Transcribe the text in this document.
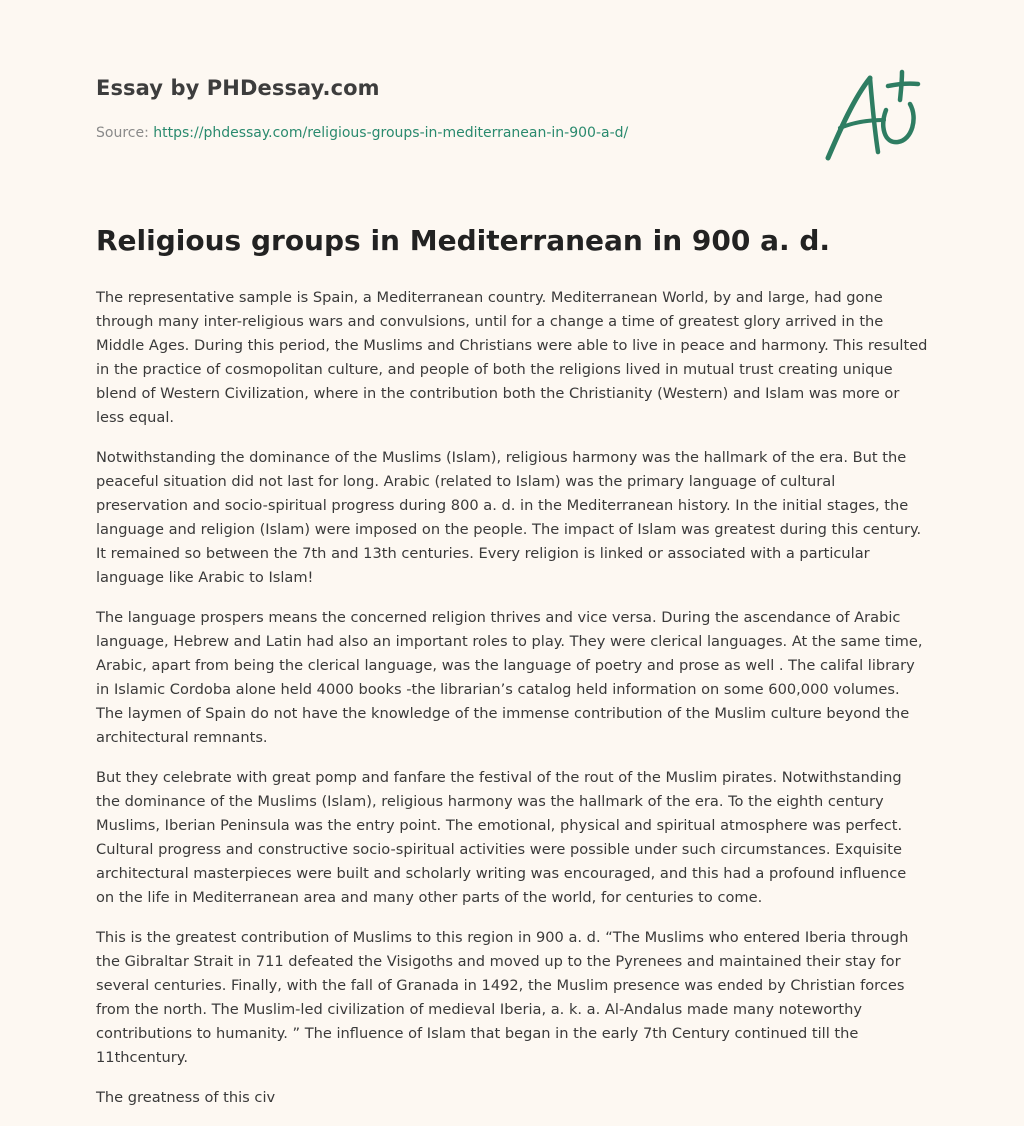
Essay by PHDessay.com
Source: https://phdessay.com/religious-groups-in-mediterranean-in-900-a-d/
Religious groups in Mediterranean in 900 a. d.

The representative sample is Spain, a Mediterranean country. Mediterranean World, by and large, had gone through many inter-religious wars and convulsions, until for a change a time of greatest glory arrived in the Middle Ages. During this period, the Muslims and Christians were able to live in peace and harmony. This resulted in the practice of cosmopolitan culture, and people of both the religions lived in mutual trust creating unique blend of Western Civilization, where in the contribution both the Christianity (Western) and Islam was more or less equal.

Notwithstanding the dominance of the Muslims (Islam), religious harmony was the hallmark of the era. But the peaceful situation did not last for long. Arabic (related to Islam) was the primary language of cultural preservation and socio-spiritual progress during 800 a. d. in the Mediterranean history. In the initial stages, the language and religion (Islam) were imposed on the people. The impact of Islam was greatest during this century. It remained so between the 7th and 13th centuries. Every religion is linked or associated with a particular language like Arabic to Islam!

The language prospers means the concerned religion thrives and vice versa. During the ascendance of Arabic language, Hebrew and Latin had also an important roles to play. They were clerical languages. At the same time, Arabic, apart from being the clerical language, was the language of poetry and prose as well . The califal library in Islamic Cordoba alone held 4000 books -the librarian’s catalog held information on some 600,000 volumes. The laymen of Spain do not have the knowledge of the immense contribution of the Muslim culture beyond the architectural remnants.

But they celebrate with great pomp and fanfare the festival of the rout of the Muslim pirates. Notwithstanding the dominance of the Muslims (Islam), religious harmony was the hallmark of the era. To the eighth century Muslims, Iberian Peninsula was the entry point. The emotional, physical and spiritual atmosphere was perfect. Cultural progress and constructive socio-spiritual activities were possible under such circumstances. Exquisite architectural masterpieces were built and scholarly writing was encouraged, and this had a profound influence on the life in Mediterranean area and many other parts of the world, for centuries to come.

This is the greatest contribution of Muslims to this region in 900 a. d. “The Muslims who entered Iberia through the Gibraltar Strait in 711 defeated the Visigoths and moved up to the Pyrenees and maintained their stay for several centuries. Finally, with the fall of Granada in 1492, the Muslim presence was ended by Christian forces from the north. The Muslim-led civilization of medieval Iberia, a. k. a. Al-Andalus made many noteworthy contributions to humanity. ” The influence of Islam that began in the early 7th Century continued till the 11thcentury.

The greatness of this civ
